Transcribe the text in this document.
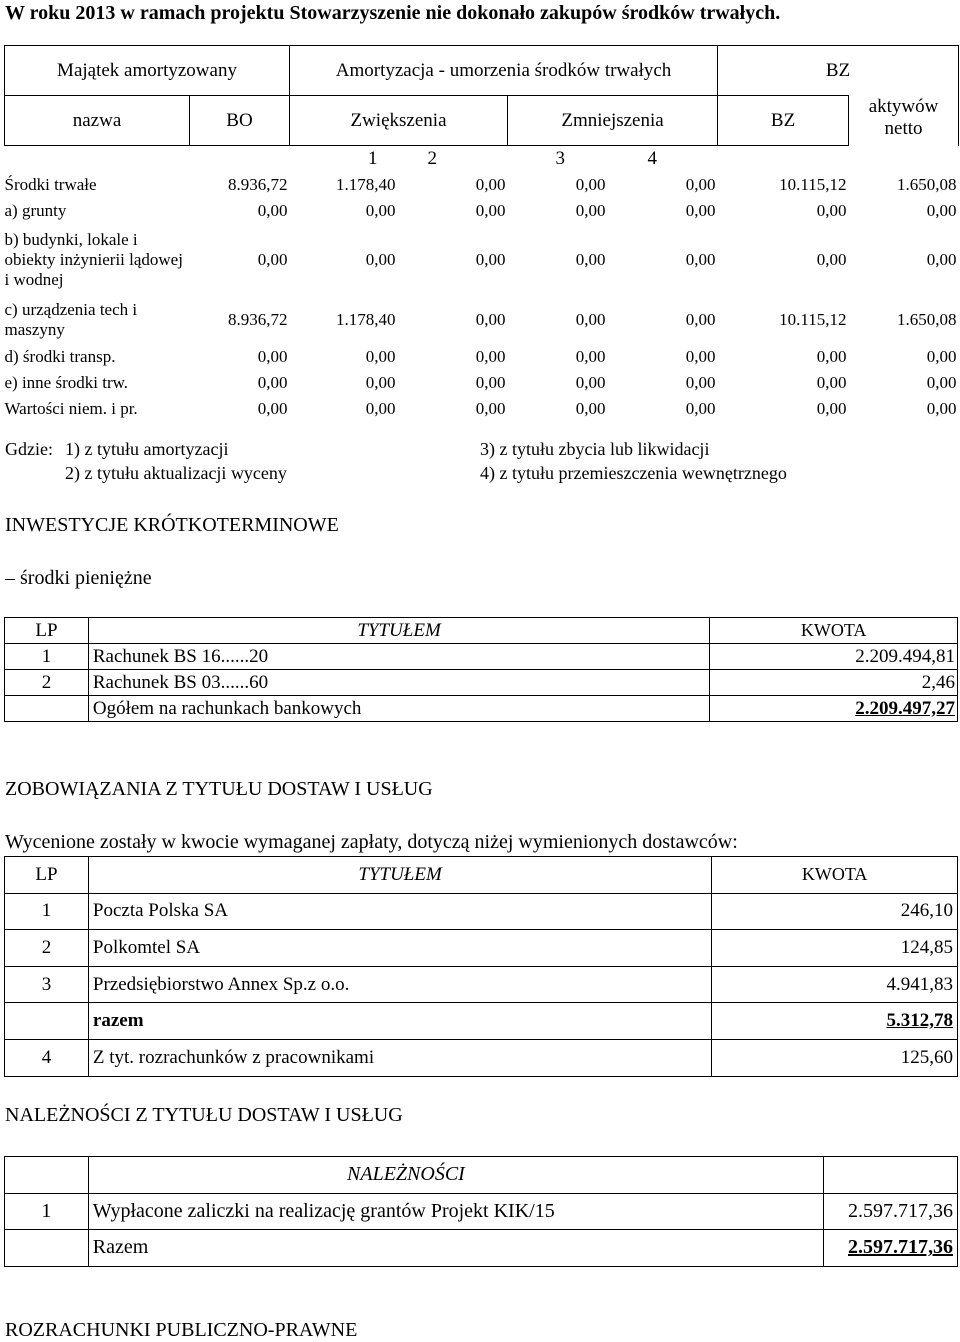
W roku 2013 w ramach projektu Stowarzyszenie nie dokonało zakupów środków trwałych.
Majątek amortyzowany		Amortyzacja - umorzenia środków trwałych				BZ	
nazwa	BO	Zwiększenia		Zmniejszenia		BZ	aktywów netto
		1	2	3	4		
Środki trwałe	8.936,72	1.178,40	0,00	0,00	0,00	10.115,12	1.650,08
a) grunty	0,00	0,00	0,00	0,00	0,00	0,00	0,00
b) budynki, lokale i obiekty inżynierii lądowej i wodnej	0,00	0,00	0,00	0,00	0,00	0,00	0,00
c) urządzenia tech i maszyny	8.936,72	1.178,40	0,00	0,00	0,00	10.115,12	1.650,08
d) środki transp.	0,00	0,00	0,00	0,00	0,00	0,00	0,00
e) inne środki trw.	0,00	0,00	0,00	0,00	0,00	0,00	0,00
Wartości niem. i pr.	0,00	0,00	0,00	0,00	0,00	0,00	0,00
Gdzie: 1) z tytułu amortyzacji
2) z tytułu aktualizacji wyceny
3) z tytułu zbycia lub likwidacji
4) z tytułu przemieszczenia wewnętrznego
INWESTYCJE KRÓTKOTERMINOWE
– środki pieniężne
LP	TYTUŁEM	KWOTA
1	Rachunek BS 16......20	2.209.494,81
2	Rachunek BS 03......60	2,46
	Ogółem na rachunkach bankowych	2.209.497,27
ZOBOWIĄZANIA Z TYTUŁU DOSTAW I USŁUG
Wycenione zostały w kwocie wymaganej zapłaty, dotyczą niżej wymienionych dostawców:
LP	TYTUŁEM	KWOTA
1	Poczta Polska SA	246,10
2	Polkomtel SA	124,85
3	Przedsiębiorstwo Annex Sp.z o.o.	4.941,83
	razem	5.312,78
4	Z tyt. rozrachunków z pracownikami	125,60
NALEŻNOŚCI Z TYTUŁU DOSTAW I USŁUG
	NALEŻNOŚCI	
1	Wypłacone zaliczki na realizację grantów Projekt KIK/15	2.597.717,36
	Razem	2.597.717,36
ROZRACHUNKI PUBLICZNO-PRAWNE
